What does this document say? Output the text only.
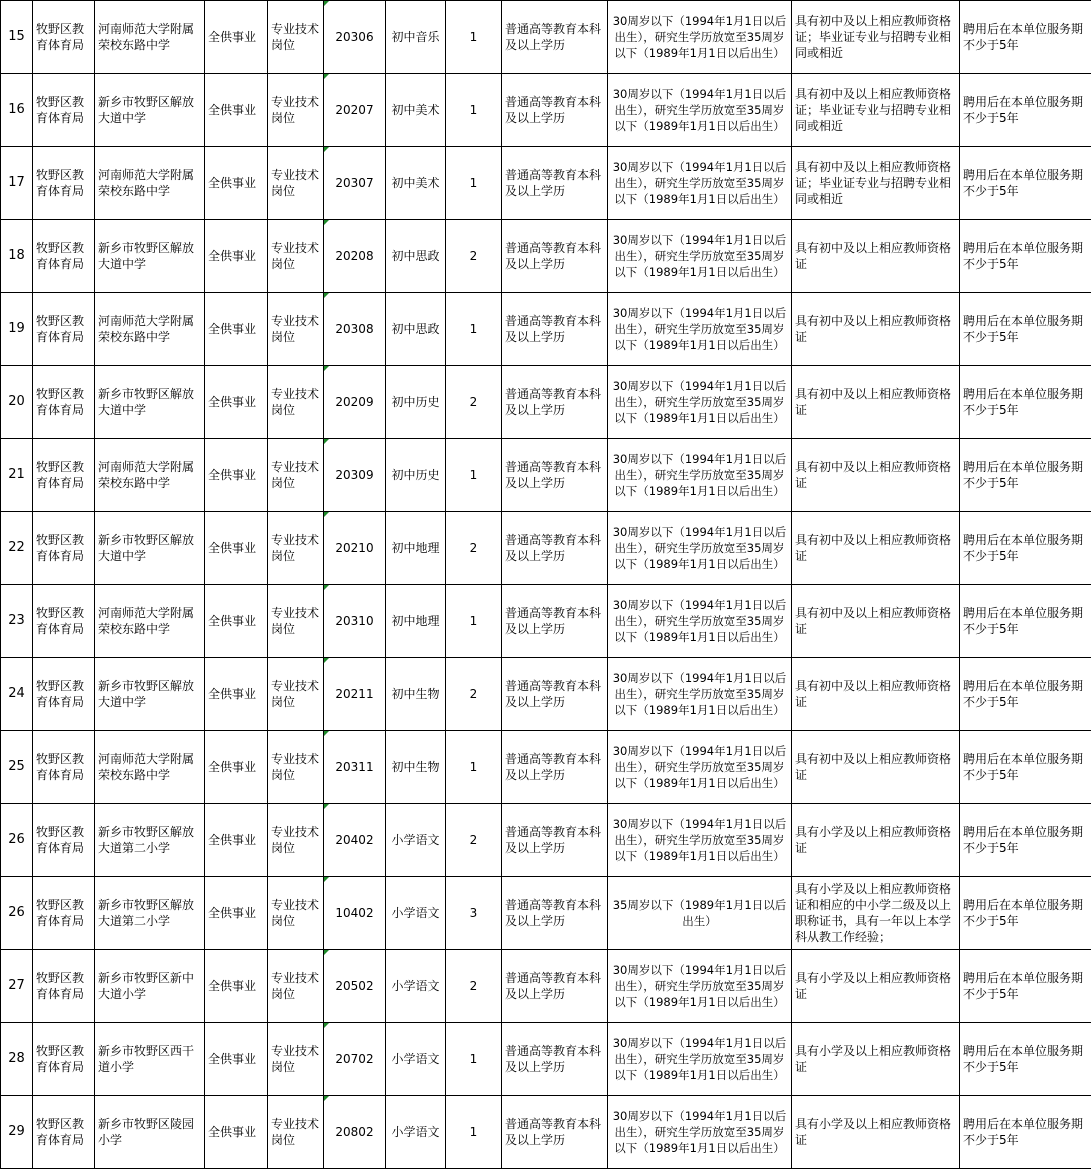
15	牧野区教育体育局	河南师范大学附属荣校东路中学	全供事业	专业技术岗位	20306	初中音乐	1	普通高等教育本科及以上学历	30周岁以下（1994年1月1日以后出生），研究生学历放宽至35周岁以下（1989年1月1日以后出生）	具有初中及以上相应教师资格证；毕业证专业与招聘专业相同或相近	聘用后在本单位服务期不少于5年
16	牧野区教育体育局	新乡市牧野区解放大道中学	全供事业	专业技术岗位	20207	初中美术	1	普通高等教育本科及以上学历	30周岁以下（1994年1月1日以后出生），研究生学历放宽至35周岁以下（1989年1月1日以后出生）	具有初中及以上相应教师资格证；毕业证专业与招聘专业相同或相近	聘用后在本单位服务期不少于5年
17	牧野区教育体育局	河南师范大学附属荣校东路中学	全供事业	专业技术岗位	20307	初中美术	1	普通高等教育本科及以上学历	30周岁以下（1994年1月1日以后出生），研究生学历放宽至35周岁以下（1989年1月1日以后出生）	具有初中及以上相应教师资格证；毕业证专业与招聘专业相同或相近	聘用后在本单位服务期不少于5年
18	牧野区教育体育局	新乡市牧野区解放大道中学	全供事业	专业技术岗位	20208	初中思政	2	普通高等教育本科及以上学历	30周岁以下（1994年1月1日以后出生），研究生学历放宽至35周岁以下（1989年1月1日以后出生）	具有初中及以上相应教师资格证	聘用后在本单位服务期不少于5年
19	牧野区教育体育局	河南师范大学附属荣校东路中学	全供事业	专业技术岗位	20308	初中思政	1	普通高等教育本科及以上学历	30周岁以下（1994年1月1日以后出生），研究生学历放宽至35周岁以下（1989年1月1日以后出生）	具有初中及以上相应教师资格证	聘用后在本单位服务期不少于5年
20	牧野区教育体育局	新乡市牧野区解放大道中学	全供事业	专业技术岗位	20209	初中历史	2	普通高等教育本科及以上学历	30周岁以下（1994年1月1日以后出生），研究生学历放宽至35周岁以下（1989年1月1日以后出生）	具有初中及以上相应教师资格证	聘用后在本单位服务期不少于5年
21	牧野区教育体育局	河南师范大学附属荣校东路中学	全供事业	专业技术岗位	20309	初中历史	1	普通高等教育本科及以上学历	30周岁以下（1994年1月1日以后出生），研究生学历放宽至35周岁以下（1989年1月1日以后出生）	具有初中及以上相应教师资格证	聘用后在本单位服务期不少于5年
22	牧野区教育体育局	新乡市牧野区解放大道中学	全供事业	专业技术岗位	20210	初中地理	2	普通高等教育本科及以上学历	30周岁以下（1994年1月1日以后出生），研究生学历放宽至35周岁以下（1989年1月1日以后出生）	具有初中及以上相应教师资格证	聘用后在本单位服务期不少于5年
23	牧野区教育体育局	河南师范大学附属荣校东路中学	全供事业	专业技术岗位	20310	初中地理	1	普通高等教育本科及以上学历	30周岁以下（1994年1月1日以后出生），研究生学历放宽至35周岁以下（1989年1月1日以后出生）	具有初中及以上相应教师资格证	聘用后在本单位服务期不少于5年
24	牧野区教育体育局	新乡市牧野区解放大道中学	全供事业	专业技术岗位	20211	初中生物	2	普通高等教育本科及以上学历	30周岁以下（1994年1月1日以后出生），研究生学历放宽至35周岁以下（1989年1月1日以后出生）	具有初中及以上相应教师资格证	聘用后在本单位服务期不少于5年
25	牧野区教育体育局	河南师范大学附属荣校东路中学	全供事业	专业技术岗位	20311	初中生物	1	普通高等教育本科及以上学历	30周岁以下（1994年1月1日以后出生），研究生学历放宽至35周岁以下（1989年1月1日以后出生）	具有初中及以上相应教师资格证	聘用后在本单位服务期不少于5年
26	牧野区教育体育局	新乡市牧野区解放大道第二小学	全供事业	专业技术岗位	20402	小学语文	2	普通高等教育本科及以上学历	30周岁以下（1994年1月1日以后出生），研究生学历放宽至35周岁以下（1989年1月1日以后出生）	具有小学及以上相应教师资格证	聘用后在本单位服务期不少于5年
26	牧野区教育体育局	新乡市牧野区解放大道第二小学	全供事业	专业技术岗位	10402	小学语文	3	普通高等教育本科及以上学历	35周岁以下（1989年1月1日以后出生）	具有小学及以上相应教师资格证和相应的中小学二级及以上职称证书，具有一年以上本学科从教工作经验；	聘用后在本单位服务期不少于5年
27	牧野区教育体育局	新乡市牧野区新中大道小学	全供事业	专业技术岗位	20502	小学语文	2	普通高等教育本科及以上学历	30周岁以下（1994年1月1日以后出生），研究生学历放宽至35周岁以下（1989年1月1日以后出生）	具有小学及以上相应教师资格证	聘用后在本单位服务期不少于5年
28	牧野区教育体育局	新乡市牧野区西干道小学	全供事业	专业技术岗位	20702	小学语文	1	普通高等教育本科及以上学历	30周岁以下（1994年1月1日以后出生），研究生学历放宽至35周岁以下（1989年1月1日以后出生）	具有小学及以上相应教师资格证	聘用后在本单位服务期不少于5年
29	牧野区教育体育局	新乡市牧野区陵园小学	全供事业	专业技术岗位	20802	小学语文	1	普通高等教育本科及以上学历	30周岁以下（1994年1月1日以后出生），研究生学历放宽至35周岁以下（1989年1月1日以后出生）	具有小学及以上相应教师资格证	聘用后在本单位服务期不少于5年
